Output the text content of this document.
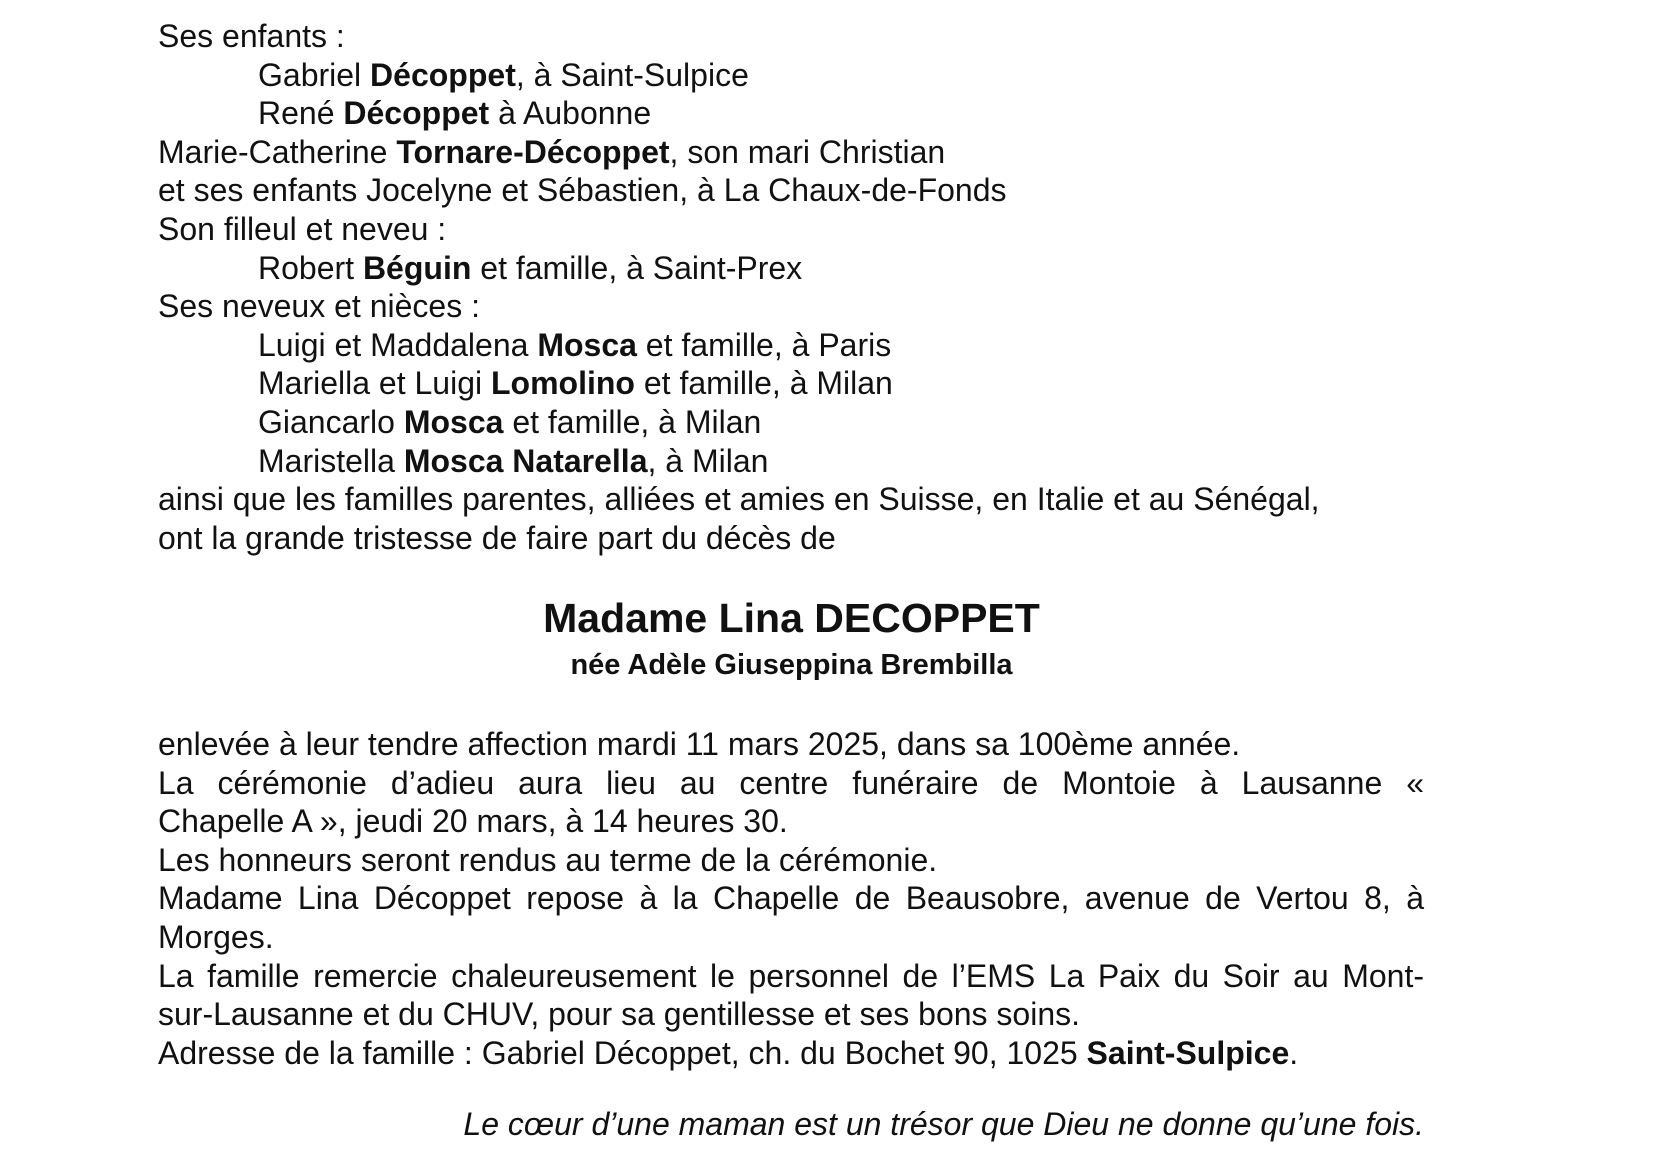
Ses enfants :
Gabriel Décoppet, à Saint-Sulpice
René Décoppet à Aubonne
Marie-Catherine Tornare-Décoppet, son mari Christian
et ses enfants Jocelyne et Sébastien, à La Chaux-de-Fonds
Son filleul et neveu :
Robert Béguin et famille, à Saint-Prex
Ses neveux et nièces :
Luigi et Maddalena Mosca et famille, à Paris
Mariella et Luigi Lomolino et famille, à Milan
Giancarlo Mosca et famille, à Milan
Maristella Mosca Natarella, à Milan
ainsi que les familles parentes, alliées et amies en Suisse, en Italie et au Sénégal,
ont la grande tristesse de faire part du décès de
Madame Lina DECOPPET
née Adèle Giuseppina Brembilla
enlevée à leur tendre affection mardi 11 mars 2025, dans sa 100ème année.
La cérémonie d’adieu aura lieu au centre funéraire de Montoie à Lausanne «
Chapelle A », jeudi 20 mars, à 14 heures 30.
Les honneurs seront rendus au terme de la cérémonie.
Madame Lina Décoppet repose à la Chapelle de Beausobre, avenue de Vertou 8, à
Morges.
La famille remercie chaleureusement le personnel de l’EMS La Paix du Soir au Mont-
sur-Lausanne et du CHUV, pour sa gentillesse et ses bons soins.
Adresse de la famille : Gabriel Décoppet, ch. du Bochet 90, 1025 Saint-Sulpice.
Le cœur d’une maman est un trésor que Dieu ne donne qu’une fois.
